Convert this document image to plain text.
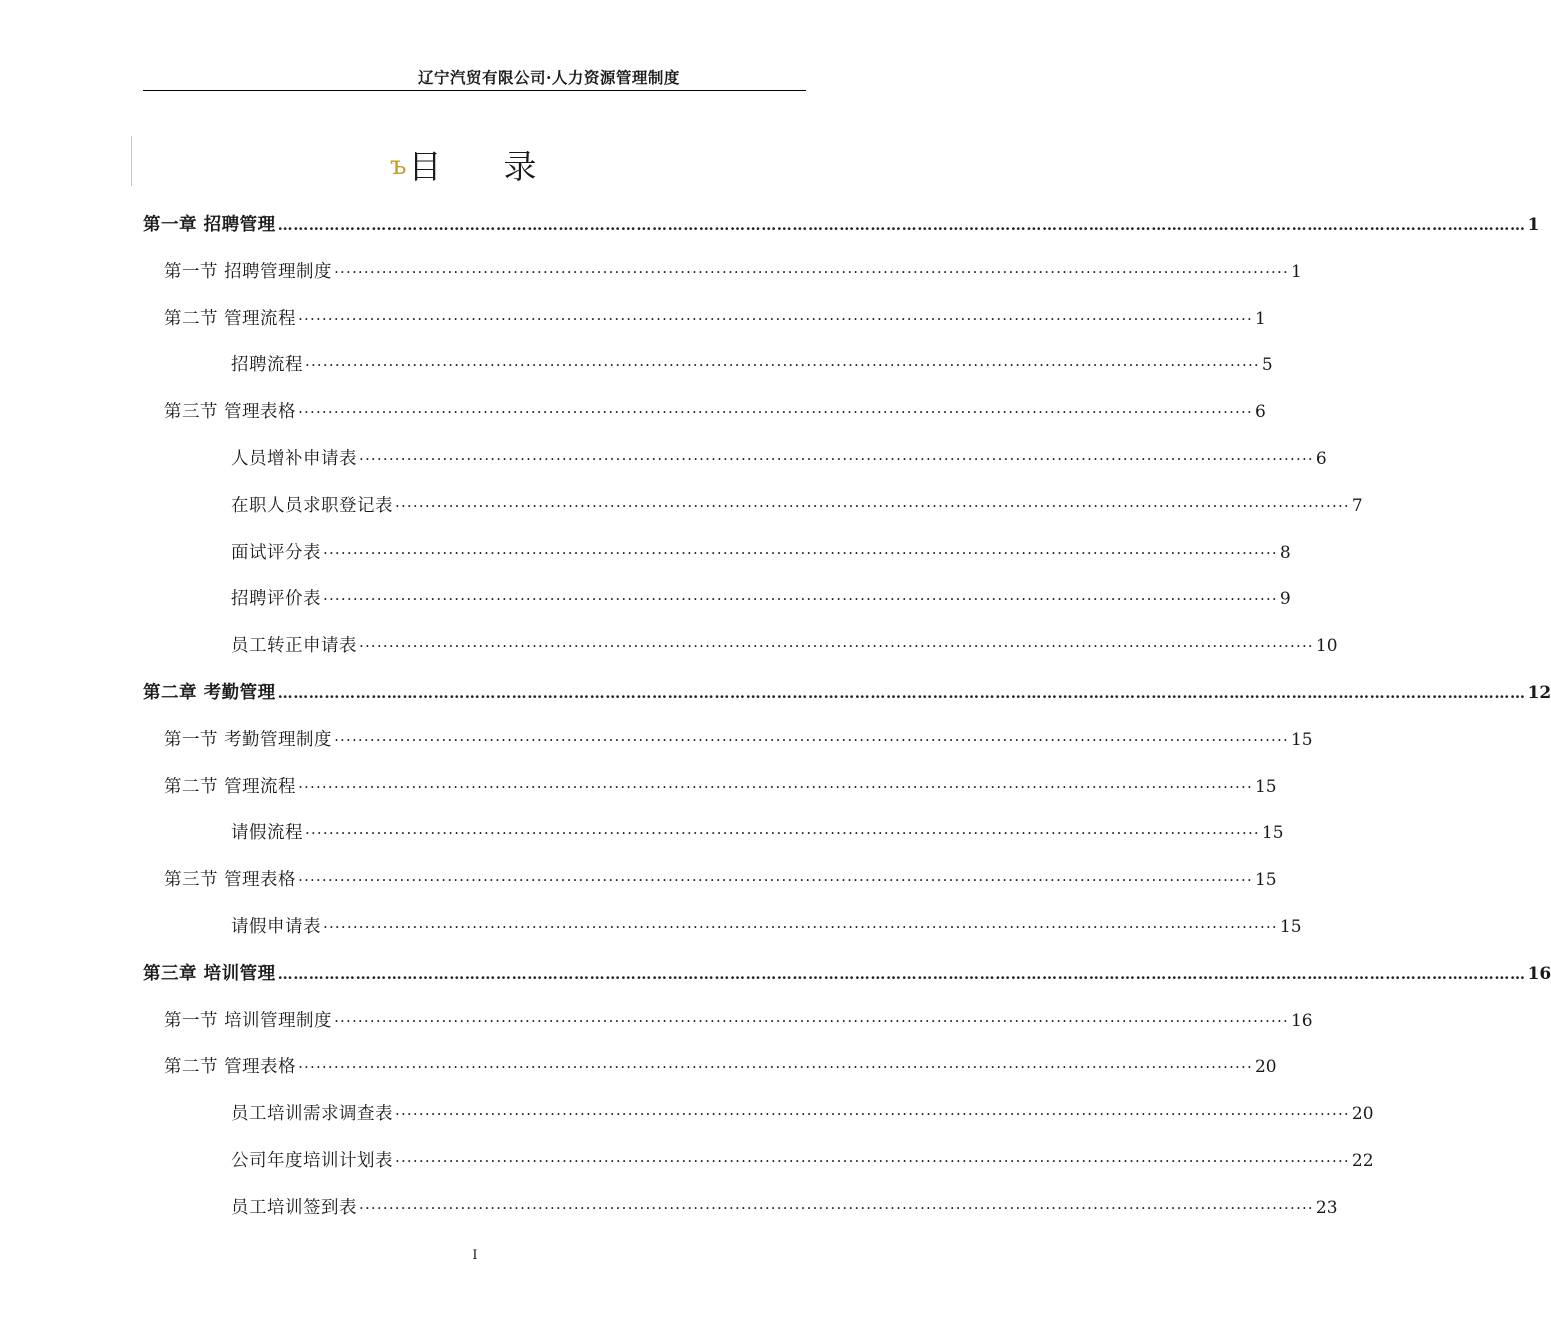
辽宁汽贸有限公司·人力资源管理制度
ъ 目 录
第一章 招聘管理 …………………………………………………………………………………………………………………………………………………………………………………………………………………… 1
第一节 招聘管理制度 ································································································································································ 1
第二节 管理流程 ································································································································································ 1
招聘流程 ································································································································································ 5
第三节 管理表格 ································································································································································ 6
人员增补申请表 ································································································································································ 6
在职人员求职登记表 ································································································································································ 7
面试评分表 ································································································································································ 8
招聘评价表 ································································································································································ 9
员工转正申请表 ································································································································································ 10
第二章 考勤管理 …………………………………………………………………………………………………………………………………………………………………………………………………………………… 12
第一节 考勤管理制度 ································································································································································ 15
第二节 管理流程 ································································································································································ 15
请假流程 ································································································································································ 15
第三节 管理表格 ································································································································································ 15
请假申请表 ································································································································································ 15
第三章 培训管理 …………………………………………………………………………………………………………………………………………………………………………………………………………………… 16
第一节 培训管理制度 ································································································································································ 16
第二节 管理表格 ································································································································································ 20
员工培训需求调查表 ································································································································································ 20
公司年度培训计划表 ································································································································································ 22
员工培训签到表 ································································································································································ 23
I
